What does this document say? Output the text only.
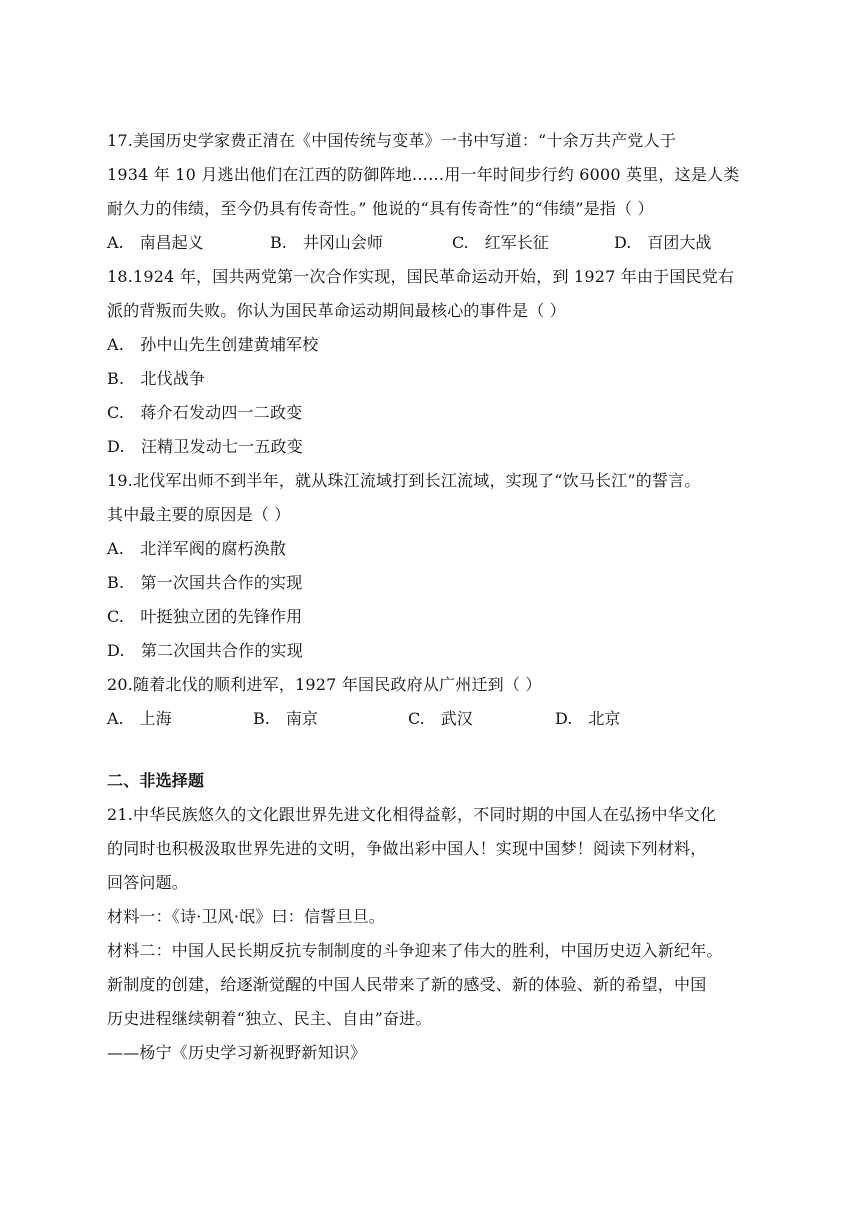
17.美国历史学家费正清在《中国传统与变革》一书中写道：“十余万共产党人于
1934 年 10 月逃出他们在江西的防御阵地……用一年时间步行约 6000 英里，这是人类
耐久力的伟绩，至今仍具有传奇性。” 他说的“具有传奇性”的“伟绩”是指（ ）
A.　南昌起义	B.　井冈山会师	C.　红军长征	D.　百团大战
18.1924 年，国共两党第一次合作实现，国民革命运动开始，到 1927 年由于国民党右
派的背叛而失败。你认为国民革命运动期间最核心的事件是（ ）
A.　孙中山先生创建黄埔军校
B.　北伐战争
C.　蒋介石发动四一二政变
D.　汪精卫发动七一五政变
19.北伐军出师不到半年，就从珠江流域打到长江流域，实现了“饮马长江”的誓言。
其中最主要的原因是（ ）
A.　北洋军阀的腐朽涣散
B.　第一次国共合作的实现
C.　叶挺独立团的先锋作用
D.　第二次国共合作的实现
20.随着北伐的顺利进军，1927 年国民政府从广州迁到（ ）
A.　上海	B.　南京	C.　武汉	D.　北京
二、非选择题
21.中华民族悠久的文化跟世界先进文化相得益彰，不同时期的中国人在弘扬中华文化
的同时也积极汲取世界先进的文明，争做出彩中国人！实现中国梦！阅读下列材料，
回答问题。
材料一：《诗·卫风·氓》曰：信誓旦旦。
材料二：中国人民长期反抗专制制度的斗争迎来了伟大的胜利，中国历史迈入新纪年。
新制度的创建，给逐渐觉醒的中国人民带来了新的感受、新的体验、新的希望，中国
历史进程继续朝着“独立、民主、自由”奋进。
——杨宁《历史学习新视野新知识》
